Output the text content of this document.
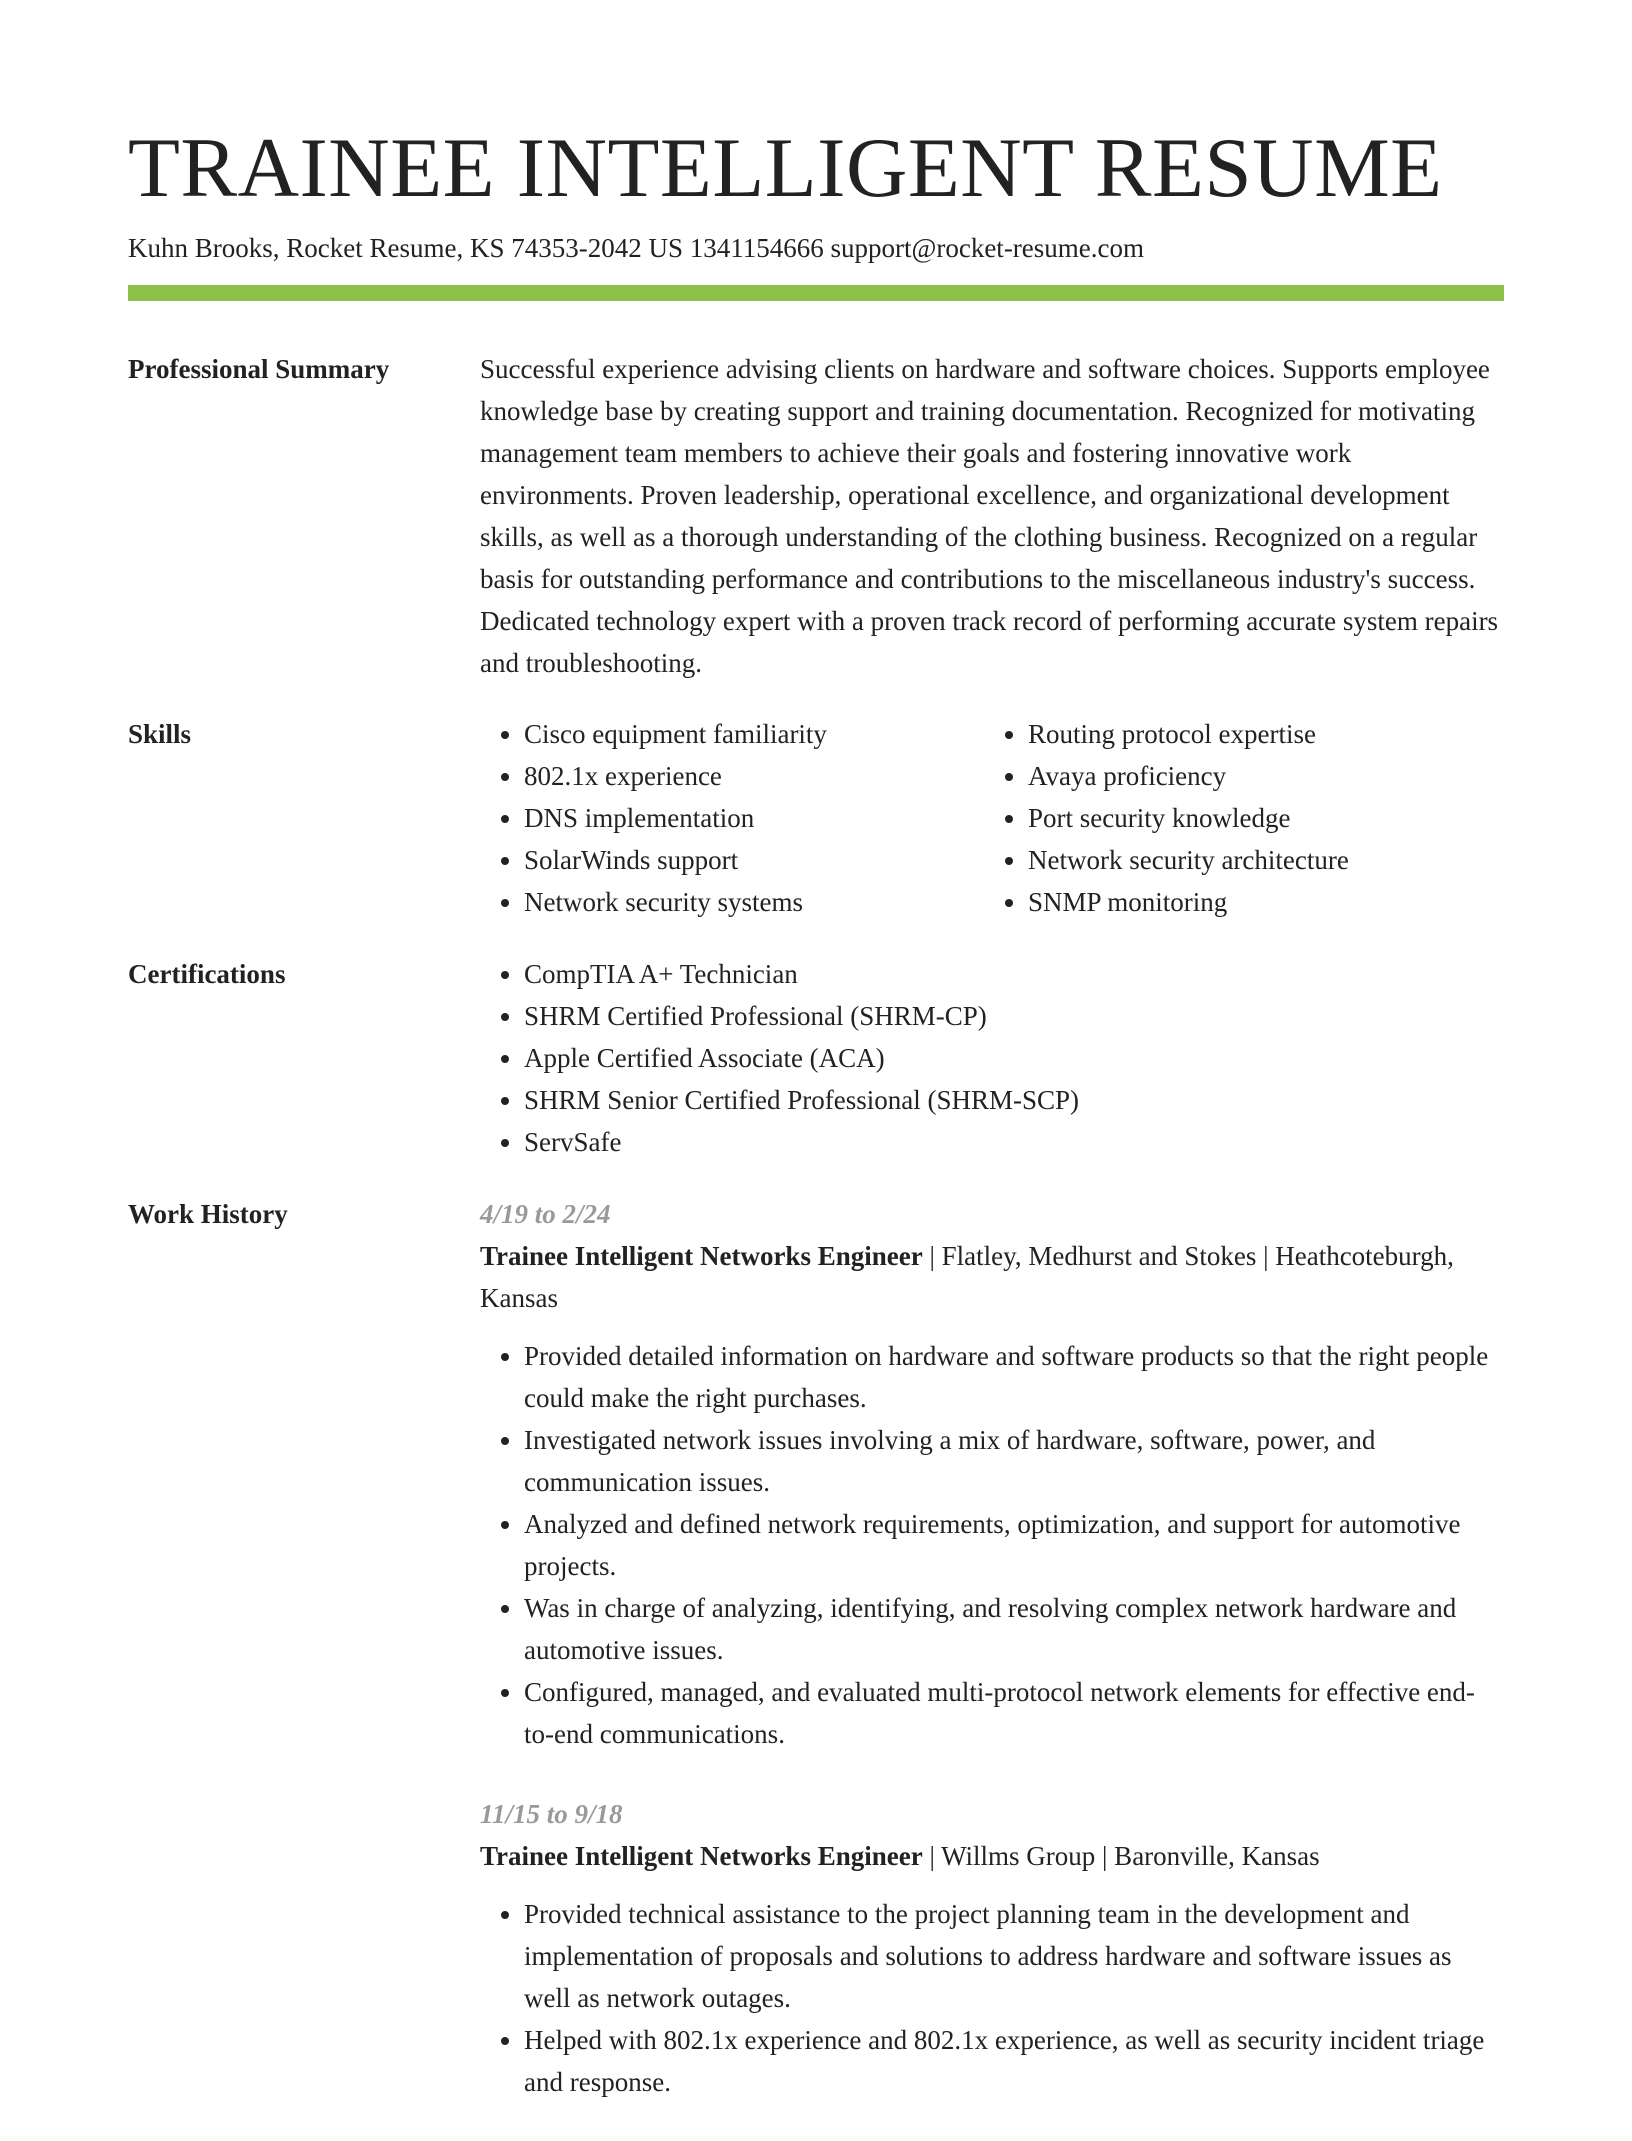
TRAINEE INTELLIGENT RESUME
Kuhn Brooks, Rocket Resume, KS 74353-2042 US 1341154666 support@rocket-resume.com
Professional Summary	Successful experience advising clients on hardware and software choices. Supports employee knowledge base by creating support and training documentation. Recognized for motivating management team members to achieve their goals and fostering innovative work environments. Proven leadership, operational excellence, and organizational development skills, as well as a thorough understanding of the clothing business. Recognized on a regular basis for outstanding performance and contributions to the miscellaneous industry's success. Dedicated technology expert with a proven track record of performing accurate system repairs and troubleshooting.

Skills	• Cisco equipment familiarity
• 802.1x experience
• DNS implementation
• SolarWinds support
• Network security systems
• Routing protocol expertise
• Avaya proficiency
• Port security knowledge
• Network security architecture
• SNMP monitoring
Certifications	• CompTIA A+ Technician
• SHRM Certified Professional (SHRM-CP)
• Apple Certified Associate (ACA)
• SHRM Senior Certified Professional (SHRM-SCP)
• ServSafe
Work History	4/19 to 2/24
Trainee Intelligent Networks Engineer | Flatley, Medhurst and Stokes | Heathcoteburgh, Kansas
• Provided detailed information on hardware and software products so that the right people could make the right purchases.
• Investigated network issues involving a mix of hardware, software, power, and communication issues.
• Analyzed and defined network requirements, optimization, and support for automotive projects.
• Was in charge of analyzing, identifying, and resolving complex network hardware and automotive issues.
• Configured, managed, and evaluated multi-protocol network elements for effective end-to-end communications.
11/15 to 9/18
Trainee Intelligent Networks Engineer | Willms Group | Baronville, Kansas
• Provided technical assistance to the project planning team in the development and implementation of proposals and solutions to address hardware and software issues as well as network outages.
• Helped with 802.1x experience and 802.1x experience, as well as security incident triage and response.
